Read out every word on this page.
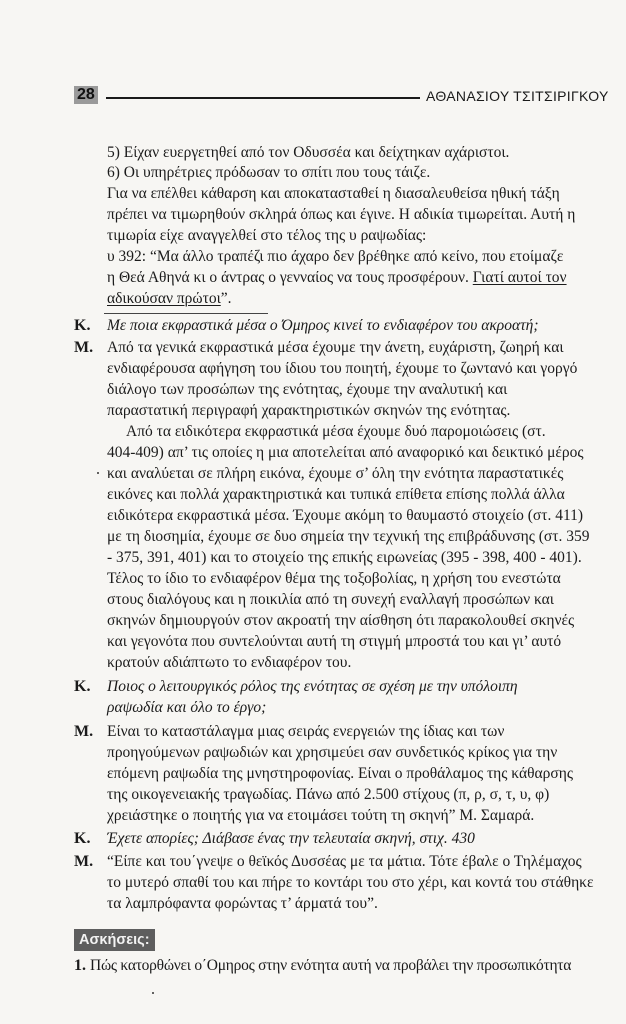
28	ΑΘΑΝΑΣΙΟΥ ΤΣΙΤΣΙΡΙΓΚΟΥ
5) Είχαν ευεργετηθεί από τον Οδυσσέα και δείχτηκαν αχάριστοι.
6) Οι υπηρέτριες πρόδωσαν το σπίτι που τους τάιζε.
Για να επέλθει κάθαρση και αποκατασταθεί η διασαλευθείσα ηθική τάξη
πρέπει να τιμωρηθούν σκληρά όπως και έγινε. Η αδικία τιμωρείται. Αυτή η
τιμωρία είχε αναγγελθεί στο τέλος της υ ραψωδίας:
υ 392: “Μα άλλο τραπέζι πιο άχαρο δεν βρέθηκε από κείνο, που ετοίμαζε
η Θεά Αθηνά κι ο άντρας ο γενναίος να τους προσφέρουν. Γιατί αυτοί τον
αδικούσαν πρώτοι”.
Κ. Με ποια εκφραστικά μέσα ο Όμηρος κινεί το ενδιαφέρον του ακροατή;
Μ. Από τα γενικά εκφραστικά μέσα έχουμε την άνετη, ευχάριστη, ζωηρή και
ενδιαφέρουσα αφήγηση του ίδιου του ποιητή, έχουμε το ζωντανό και γοργό
διάλογο των προσώπων της ενότητας, έχουμε την αναλυτική και
παραστατική περιγραφή χαρακτηριστικών σκηνών της ενότητας.
Από τα ειδικότερα εκφραστικά μέσα έχουμε δυό παρομοιώσεις (στ.
404-409) απ’ τις οποίες η μια αποτελείται από αναφορικό και δεικτικό μέρος
και αναλύεται σε πλήρη εικόνα, έχουμε σ’ όλη την ενότητα παραστατικές
εικόνες και πολλά χαρακτηριστικά και τυπικά επίθετα επίσης πολλά άλλα
ειδικότερα εκφραστικά μέσα. Έχουμε ακόμη το θαυμαστό στοιχείο (στ. 411)
με τη διοσημία, έχουμε σε δυο σημεία την τεχνική της επιβράδυνσης (στ. 359
- 375, 391, 401) και το στοιχείο της επικής ειρωνείας (395 - 398, 400 - 401).
Τέλος το ίδιο το ενδιαφέρον θέμα της τοξοβολίας, η χρήση του ενεστώτα
στους διαλόγους και η ποικιλία από τη συνεχή εναλλαγή προσώπων και
σκηνών δημιουργούν στον ακροατή την αίσθηση ότι παρακολουθεί σκηνές
και γεγονότα που συντελούνται αυτή τη στιγμή μπροστά του και γι’ αυτό
κρατούν αδιάπτωτο το ενδιαφέρον του.
Κ. Ποιος ο λειτουργικός ρόλος της ενότητας σε σχέση με την υπόλοιπη
ραψωδία και όλο το έργο;
Μ. Είναι το καταστάλαγμα μιας σειράς ενεργειών της ίδιας και των
προηγούμενων ραψωδιών και χρησιμεύει σαν συνδετικός κρίκος για την
επόμενη ραψωδία της μνηστηροφονίας. Είναι ο προθάλαμος της κάθαρσης
της οικογενειακής τραγωδίας. Πάνω από 2.500 στίχους (π, ρ, σ, τ, υ, φ)
χρειάστηκε ο ποιητής για να ετοιμάσει τούτη τη σκηνή” Μ. Σαμαρά.
Κ. Έχετε απορίες; Διάβασε ένας την τελευταία σκηνή, στιχ. 430
Μ. “Είπε και του΄γνεψε ο θεϊκός Δυσσέας με τα μάτια. Τότε έβαλε ο Τηλέμαχος
το μυτερό σπαθί του και πήρε το κοντάρι του στο χέρι, και κοντά του στάθηκε
τα λαμπρόφαντα φορώντας τ’ άρματά του”.
Ασκήσεις:
1. Πώς κατορθώνει ο΄Ομηρος στην ενότητα αυτή να προβάλει την προσωπικότητα
